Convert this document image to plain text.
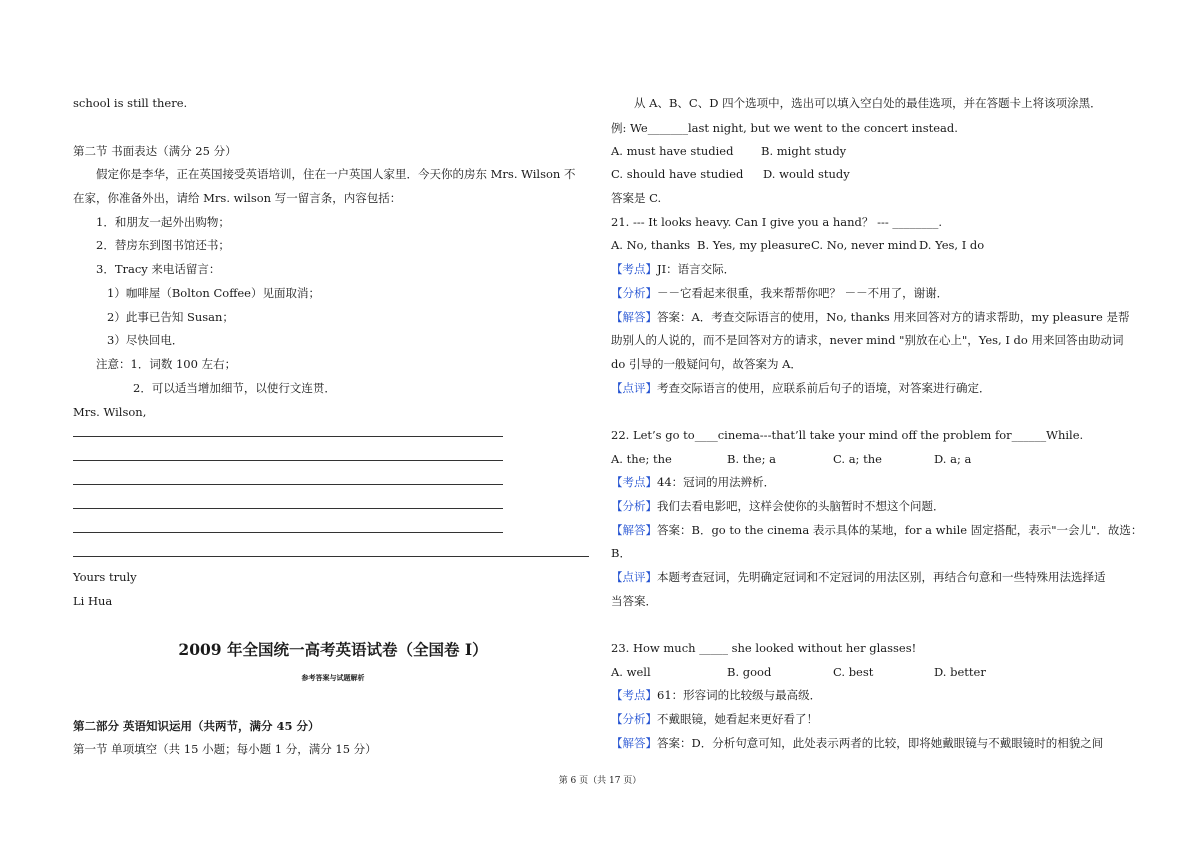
school is still there.
第二节 书面表达（满分 25 分）
假定你是李华，正在英国接受英语培训，住在一户英国人家里．今天你的房东 Mrs. Wilson 不
在家，你准备外出，请给 Mrs. wilson 写一留言条，内容包括：
1．和朋友一起外出购物；
2．替房东到图书馆还书；
3．Tracy 来电话留言：
1）咖啡屋（Bolton Coffee）见面取消；
2）此事已告知 Susan；
3）尽快回电．
注意：1．词数 100 左右；
2．可以适当增加细节，以使行文连贯．
Mrs. Wilson,
Yours truly
Li Hua
2009 年全国统一高考英语试卷（全国卷 I）
参考答案与试题解析
第二部分 英语知识运用（共两节，满分 45 分）
第一节 单项填空（共 15 小题；每小题 1 分，满分 15 分）
从 A、B、C、D 四个选项中，选出可以填入空白处的最佳选项，并在答题卡上将该项涂黑．
例: We_______last night, but we went to the concert instead.
A. must have studied B. might study
C. should have studied D. would study
答案是 C.
21. --- It looks heavy. Can I give you a hand？ --- ________.
A. No, thanks B. Yes, my pleasureC. No, never mind D. Yes, I do
【考点】JI：语言交际．
【分析】－－它看起来很重，我来帮帮你吧？ －－不用了，谢谢．
【解答】答案：A．考查交际语言的使用，No, thanks 用来回答对方的请求帮助，my pleasure 是帮
助别人的人说的，而不是回答对方的请求，never mind "别放在心上"，Yes, I do 用来回答由助动词
do 引导的一般疑问句，故答案为 A．
【点评】考查交际语言的使用，应联系前后句子的语境，对答案进行确定．
22. Let’s go to____cinema---that’ll take your mind off the problem for______While.
A. the; the	B. the; a	C. a; the	D. a; a
【考点】44：冠词的用法辨析．
【分析】我们去看电影吧，这样会使你的头脑暂时不想这个问题．
【解答】答案：B．go to the cinema 表示具体的某地，for a while 固定搭配，表示"一会儿"．故选：
B．
【点评】本题考查冠词，先明确定冠词和不定冠词的用法区别，再结合句意和一些特殊用法选择适
当答案．
23. How much _____ she looked without her glasses!
A. well	B. good	C. best	D. better
【考点】61：形容词的比较级与最高级．
【分析】不戴眼镜，她看起来更好看了！
【解答】答案：D．分析句意可知，此处表示两者的比较，即将她戴眼镜与不戴眼镜时的相貌之间
第 6 页（共 17 页）
